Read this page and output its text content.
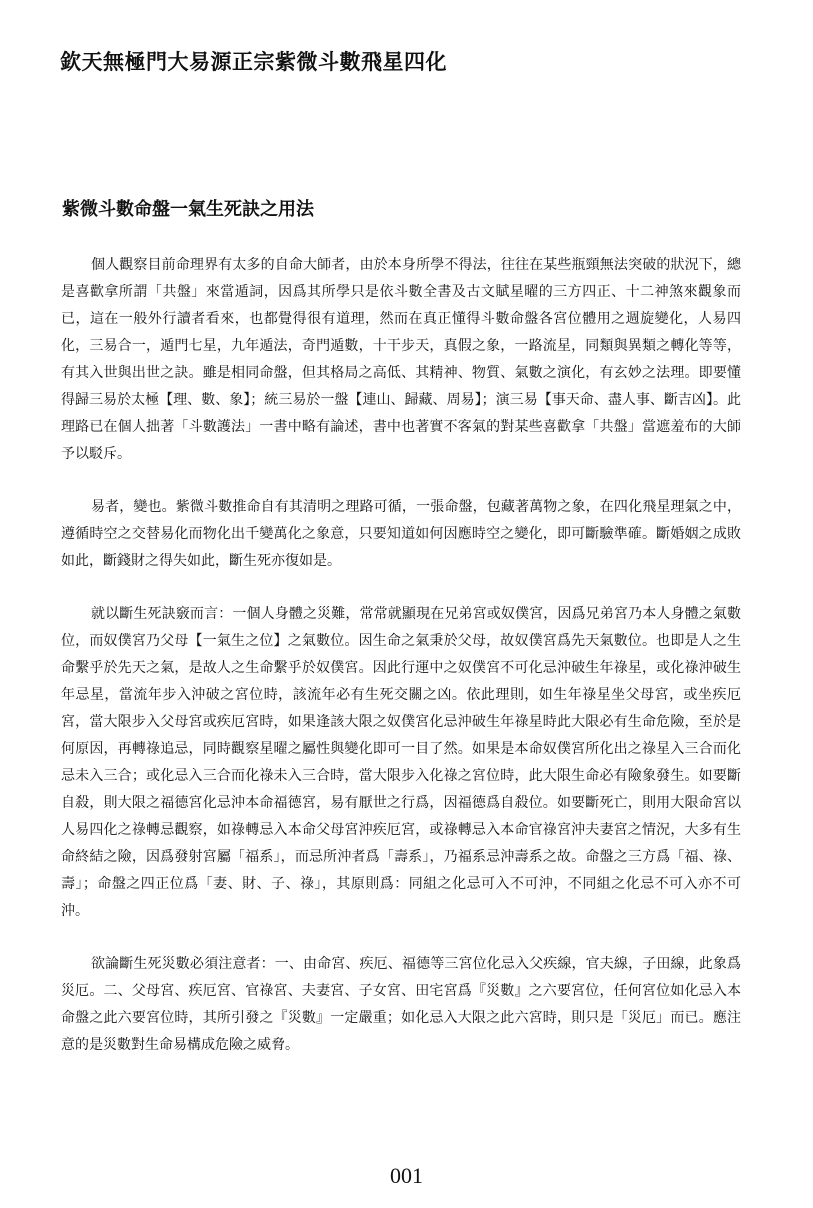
欽天無極門大易源正宗紫微斗數飛星四化
紫微斗數命盤一氣生死訣之用法

個人觀察目前命理界有太多的自命大師者，由於本身所學不得法，往往在某些瓶頸無法突破的狀況下，總是喜歡拿所謂「共盤」來當遁詞，因爲其所學只是依斗數全書及古文賦星曜的三方四正、十二神煞來觀象而已，這在一般外行讀者看來，也都覺得很有道理，然而在真正懂得斗數命盤各宮位體用之週旋變化，人易四化，三易合一，遁門七星，九年遁法，奇門遁數，十干步天，真假之象，一路流星，同類與異類之轉化等等，有其入世與出世之訣。雖是相同命盤，但其格局之高低、其精神、物質、氣數之演化，有玄妙之法理。即要懂得歸三易於太極【理、數、象】；統三易於一盤【連山、歸藏、周易】；演三易【事天命、盡人事、斷吉凶】。此理路已在個人拙著「斗數護法」一書中略有論述，書中也著實不客氣的對某些喜歡拿「共盤」當遮羞布的大師予以駁斥。

易者，變也。紫微斗數推命自有其清明之理路可循，一張命盤，包藏著萬物之象，在四化飛星理氣之中，遵循時空之交替易化而物化出千變萬化之象意，只要知道如何因應時空之變化，即可斷驗準確。斷婚姻之成敗如此，斷錢財之得失如此，斷生死亦復如是。

就以斷生死訣竅而言：一個人身體之災難，常常就顯現在兄弟宮或奴僕宮，因爲兄弟宮乃本人身體之氣數位，而奴僕宮乃父母【一氣生之位】之氣數位。因生命之氣秉於父母，故奴僕宮爲先天氣數位。也即是人之生命繫乎於先天之氣，是故人之生命繫乎於奴僕宮。因此行運中之奴僕宮不可化忌沖破生年祿星，或化祿沖破生年忌星，當流年步入沖破之宮位時，該流年必有生死交關之凶。依此理則，如生年祿星坐父母宮，或坐疾厄宮，當大限步入父母宮或疾厄宮時，如果逢該大限之奴僕宮化忌沖破生年祿星時此大限必有生命危險，至於是何原因，再轉祿追忌，同時觀察星曜之屬性與變化即可一目了然。如果是本命奴僕宮所化出之祿星入三合而化忌未入三合；或化忌入三合而化祿未入三合時，當大限步入化祿之宮位時，此大限生命必有險象發生。如要斷自殺，則大限之福德宮化忌沖本命福德宮，易有厭世之行爲，因福德爲自殺位。如要斷死亡，則用大限命宮以人易四化之祿轉忌觀察，如祿轉忌入本命父母宮沖疾厄宮，或祿轉忌入本命官祿宮沖夫妻宮之情況，大多有生命終結之險，因爲發射宮屬「福系」，而忌所沖者爲「壽系」，乃福系忌沖壽系之故。命盤之三方爲「福、祿、壽」；命盤之四正位爲「妻、財、子、祿」，其原則爲：同組之化忌可入不可沖，不同組之化忌不可入亦不可沖。

欲論斷生死災數必須注意者：一、由命宮、疾厄、福德等三宮位化忌入父疾線，官夫線，子田線，此象爲災厄。二、父母宮、疾厄宮、官祿宮、夫妻宮、子女宮、田宅宮爲『災數』之六要宮位，任何宮位如化忌入本命盤之此六要宮位時，其所引發之『災數』一定嚴重；如化忌入大限之此六宮時，則只是「災厄」而已。應注意的是災數對生命易構成危險之威脅。

001
